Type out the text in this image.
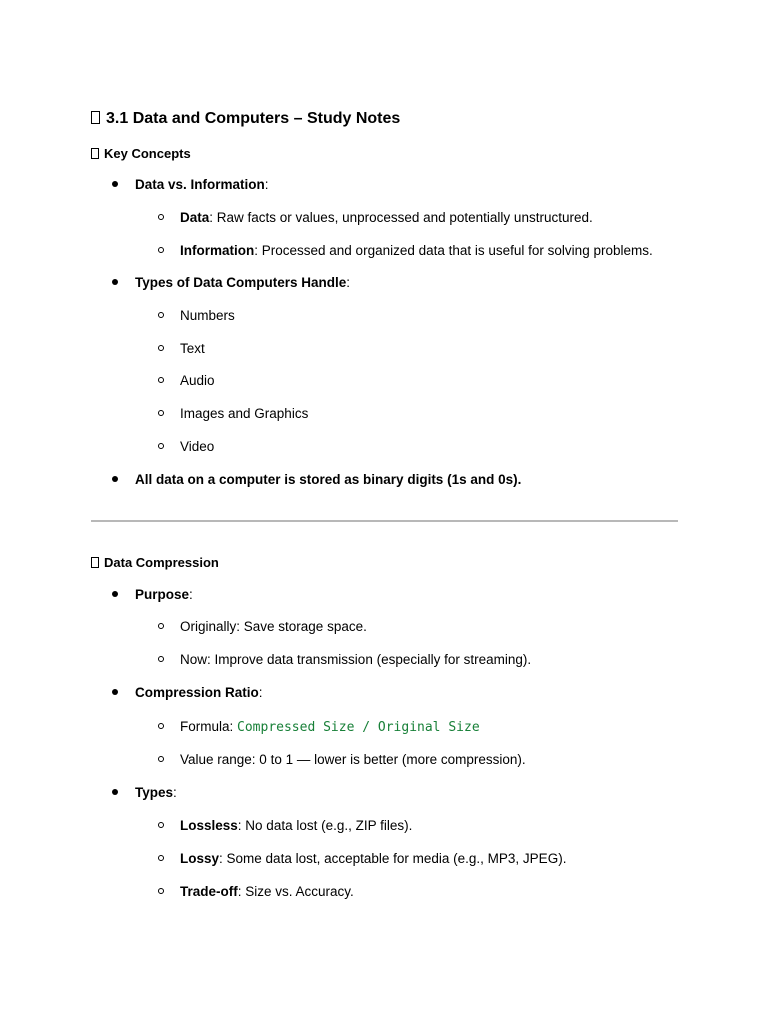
3.1 Data and Computers – Study Notes
Key Concepts
Data vs. Information:
Data: Raw facts or values, unprocessed and potentially unstructured.
Information: Processed and organized data that is useful for solving problems.
Types of Data Computers Handle:
Numbers
Text
Audio
Images and Graphics
Video
All data on a computer is stored as binary digits (1s and 0s).
Data Compression
Purpose:
Originally: Save storage space.
Now: Improve data transmission (especially for streaming).
Compression Ratio:
Formula: Compressed Size / Original Size
Value range: 0 to 1 — lower is better (more compression).
Types:
Lossless: No data lost (e.g., ZIP files).
Lossy: Some data lost, acceptable for media (e.g., MP3, JPEG).
Trade-off: Size vs. Accuracy.
